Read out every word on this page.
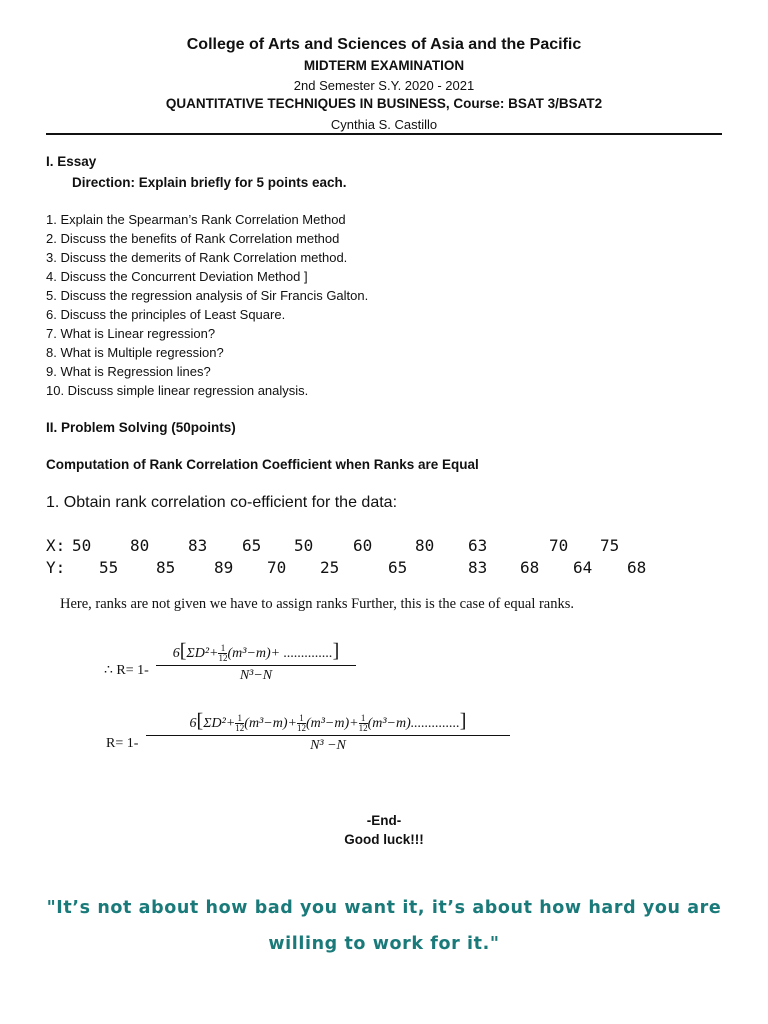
College of Arts and Sciences of Asia and the Pacific
MIDTERM EXAMINATION
2nd Semester S.Y. 2020 - 2021
QUANTITATIVE TECHNIQUES IN BUSINESS, Course: BSAT 3/BSAT2
Cynthia S. Castillo
I. Essay
Direction: Explain briefly for 5 points each.
1. Explain the Spearman’s Rank Correlation Method
2. Discuss the benefits of Rank Correlation method
3. Discuss the demerits of Rank Correlation method.
4. Discuss the Concurrent Deviation Method ]
5. Discuss the regression analysis of Sir Francis Galton.
6. Discuss the principles of Least Square.
7. What is Linear regression?
8. What is Multiple regression?
9. What is Regression lines?
10. Discuss simple linear regression analysis.
II. Problem Solving (50points)
Computation of Rank Correlation Coefficient when Ranks are Equal
1. Obtain rank correlation co-efficient for the data:
X: 50 80 83 65 50 60	80 63	70 75
Y: 55 85 89 70 25	65	83 68 64 68
Here, ranks are not given we have to assign ranks Further, this is the case of equal ranks.
∴ R= 1-
$6[\Sigma D^2+ \frac{1}{12} (m^3-m)+$ ..............]
N³−N
R= 1-
$6[\Sigma D^2+ \frac{1}{12} (m^3-m)+ \frac{1}{12} (m^3-m)+ \frac{1}{12} (m^3-m)..............]$
N³ −N
-End-
Good luck!!!
"It’s not about how bad you want it, it’s about how hard you are willing to work for it."
